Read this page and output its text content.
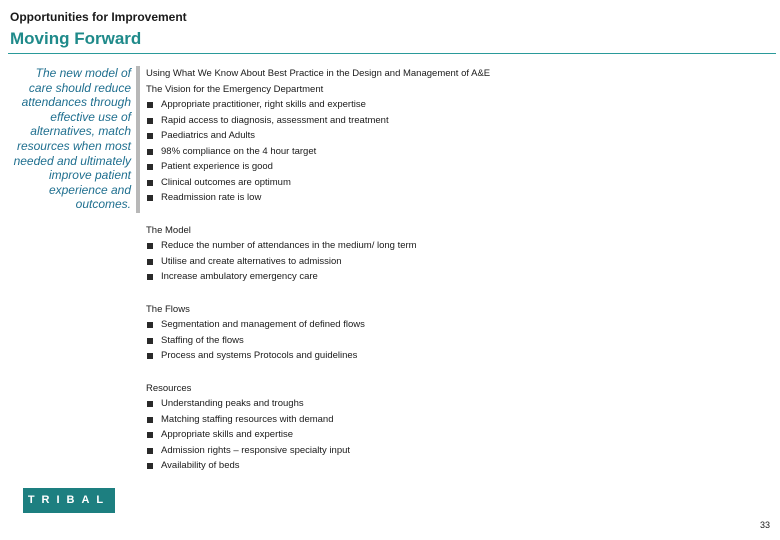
Opportunities for Improvement
Moving Forward
The new model of
care should reduce
attendances through
effective use of
alternatives, match
resources when most
needed and ultimately
improve patient
experience and
outcomes.
Using What We Know About Best Practice in the Design and Management of A&E
The Vision for the Emergency Department
Appropriate practitioner, right skills and expertise
Rapid access to diagnosis, assessment and treatment
Paediatrics and Adults
98% compliance on the 4 hour target
Patient experience is good
Clinical outcomes are optimum
Readmission rate is low
The Model
Reduce the number of attendances in the medium/ long term
Utilise and create alternatives to admission
Increase ambulatory emergency care
The Flows
Segmentation and management of defined flows
Staffing of the flows
Process and systems Protocols and guidelines
Resources
Understanding peaks and troughs
Matching staffing resources with demand
Appropriate skills and expertise
Admission rights – responsive specialty input
Availability of beds
TRIBAL
33
